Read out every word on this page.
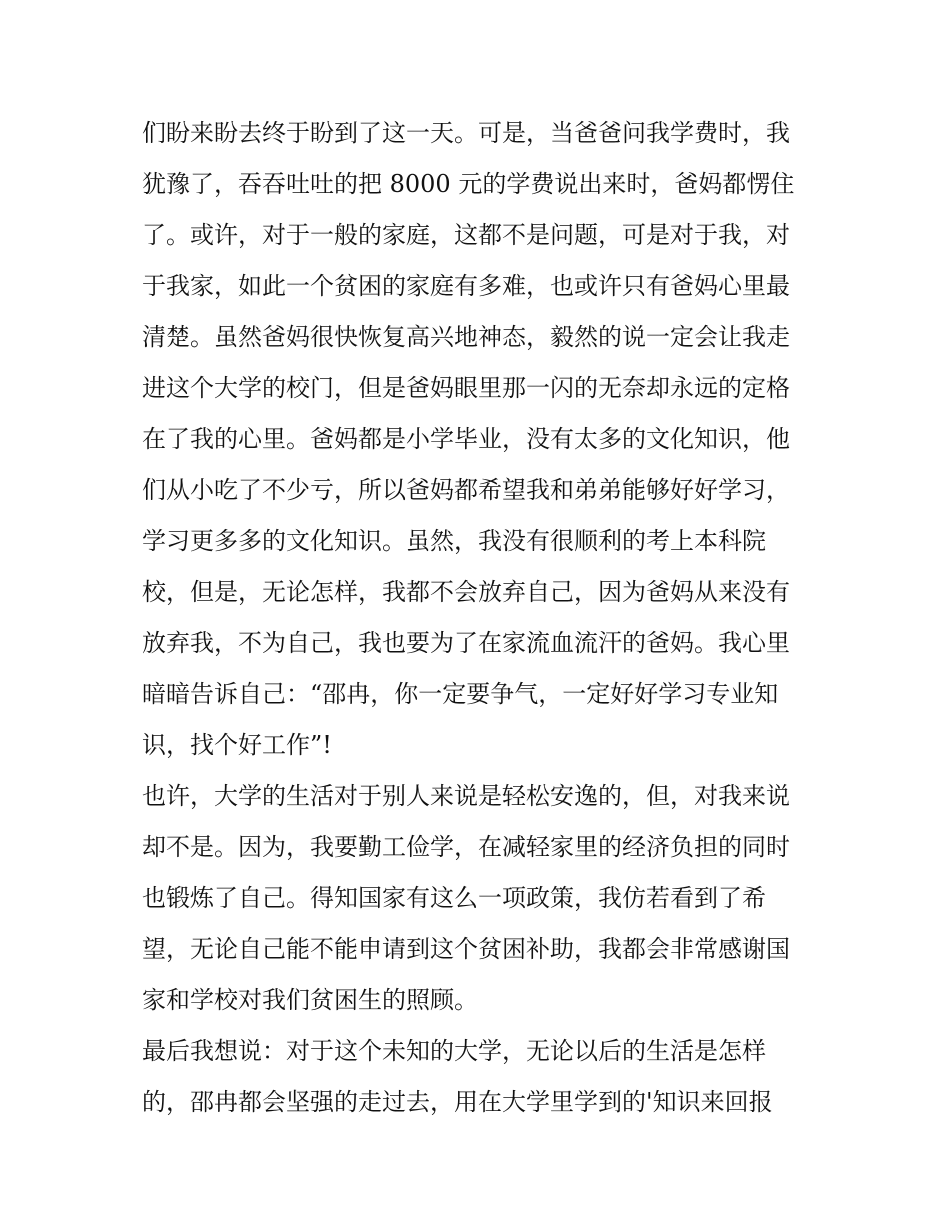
们盼来盼去终于盼到了这一天。可是，当爸爸问我学费时，我
犹豫了，吞吞吐吐的把 8000 元的学费说出来时，爸妈都愣住
了。或许，对于一般的家庭，这都不是问题，可是对于我，对
于我家，如此一个贫困的家庭有多难，也或许只有爸妈心里最
清楚。虽然爸妈很快恢复高兴地神态，毅然的说一定会让我走
进这个大学的校门，但是爸妈眼里那一闪的无奈却永远的定格
在了我的心里。爸妈都是小学毕业，没有太多的文化知识，他
们从小吃了不少亏，所以爸妈都希望我和弟弟能够好好学习，
学习更多多的文化知识。虽然，我没有很顺利的考上本科院
校，但是，无论怎样，我都不会放弃自己，因为爸妈从来没有
放弃我，不为自己，我也要为了在家流血流汗的爸妈。我心里
暗暗告诉自己：“邵冉，你一定要争气，一定好好学习专业知
识，找个好工作”!
也许，大学的生活对于别人来说是轻松安逸的，但，对我来说
却不是。因为，我要勤工俭学，在减轻家里的经济负担的同时
也锻炼了自己。得知国家有这么一项政策，我仿若看到了希
望，无论自己能不能申请到这个贫困补助，我都会非常感谢国
家和学校对我们贫困生的照顾。
最后我想说：对于这个未知的大学，无论以后的生活是怎样
的，邵冉都会坚强的走过去，用在大学里学到的'知识来回报
